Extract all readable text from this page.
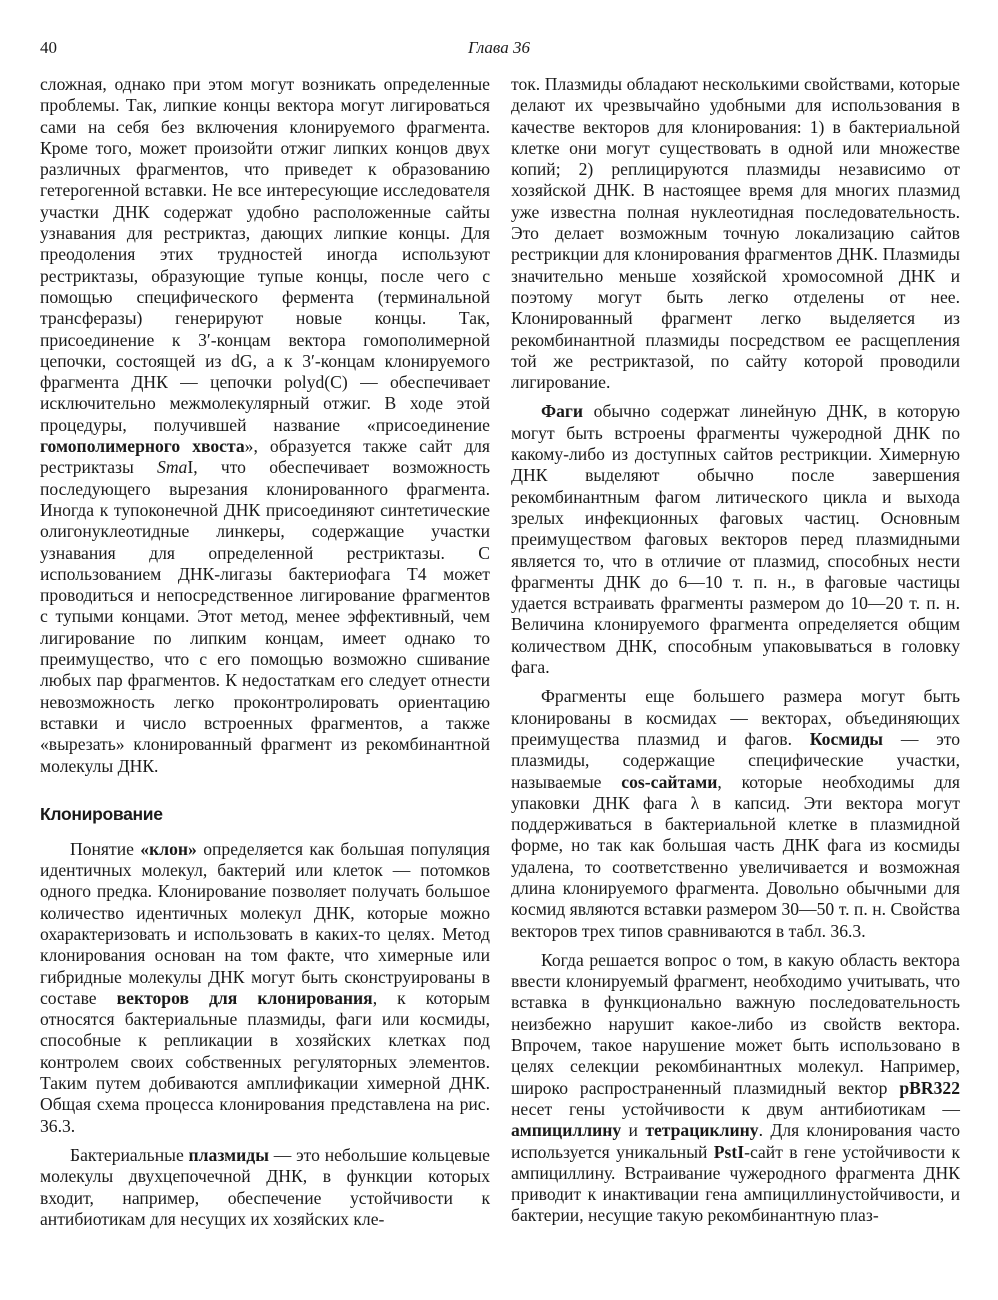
40	Глава 36

сложная, однако при этом могут возникать определенные проблемы. Так, липкие концы вектора могут лигироваться сами на себя без включения клонируемого фрагмента. Кроме того, может произойти отжиг липких концов двух различных фрагментов, что приведет к образованию гетерогенной вставки. Не все интересующие исследователя участки ДНК содержат удобно расположенные сайты узнавания для рестриктаз, дающих липкие концы. Для преодоления этих трудностей иногда используют рестриктазы, образующие тупые концы, после чего с помощью специфического фермента (терминальной трансферазы) генерируют новые концы. Так, присоединение к 3′-концам вектора гомополимерной цепочки, состоящей из dG, а к 3′-концам клонируемого фрагмента ДНК — цепочки polyd(C) — обеспечивает исключительно межмолекулярный отжиг. В ходе этой процедуры, получившей название «присоединение гомополимерного хвоста», образуется также сайт для рестриктазы SmaI, что обеспечивает возможность последующего вырезания клонированного фрагмента. Иногда к тупоконечной ДНК присоединяют синтетические олигонуклеотидные линкеры, содержащие участки узнавания для определенной рестриктазы. С использованием ДНК-лигазы бактериофага Т4 может проводиться и непосредственное лигирование фрагментов с тупыми концами. Этот метод, менее эффективный, чем лигирование по липким концам, имеет однако то преимущество, что с его помощью возможно сшивание любых пар фрагментов. К недостаткам его следует отнести невозможность легко проконтролировать ориентацию вставки и число встроенных фрагментов, а также «вырезать» клонированный фрагмент из рекомбинантной молекулы ДНК.

Клонирование

Понятие «клон» определяется как большая популяция идентичных молекул, бактерий или клеток — потомков одного предка. Клонирование позволяет получать большое количество идентичных молекул ДНК, которые можно охарактеризовать и использовать в каких-то целях. Метод клонирования основан на том факте, что химерные или гибридные молекулы ДНК могут быть сконструированы в составе векторов для клонирования, к которым относятся бактериальные плазмиды, фаги или космиды, способные к репликации в хозяйских клетках под контролем своих собственных регуляторных элементов. Таким путем добиваются амплификации химерной ДНК. Общая схема процесса клонирования представлена на рис. 36.3.

Бактериальные плазмиды — это небольшие кольцевые молекулы двухцепочечной ДНК, в функции которых входит, например, обеспечение устойчивости к антибиотикам для несущих их хозяйских кле-

ток. Плазмиды обладают несколькими свойствами, которые делают их чрезвычайно удобными для использования в качестве векторов для клонирования: 1) в бактериальной клетке они могут существовать в одной или множестве копий; 2) реплицируются плазмиды независимо от хозяйской ДНК. В настоящее время для многих плазмид уже известна полная нуклеотидная последовательность. Это делает возможным точную локализацию сайтов рестрикции для клонирования фрагментов ДНК. Плазмиды значительно меньше хозяйской хромосомной ДНК и поэтому могут быть легко отделены от нее. Клонированный фрагмент легко выделяется из рекомбинантной плазмиды посредством ее расщепления той же рестриктазой, по сайту которой проводили лигирование.

Фаги обычно содержат линейную ДНК, в которую могут быть встроены фрагменты чужеродной ДНК по какому-либо из доступных сайтов рестрикции. Химерную ДНК выделяют обычно после завершения рекомбинантным фагом литического цикла и выхода зрелых инфекционных фаговых частиц. Основным преимуществом фаговых векторов перед плазмидными является то, что в отличие от плазмид, способных нести фрагменты ДНК до 6—10 т. п. н., в фаговые частицы удается встраивать фрагменты размером до 10—20 т. п. н. Величина клонируемого фрагмента определяется общим количеством ДНК, способным упаковываться в головку фага.

Фрагменты еще большего размера могут быть клонированы в космидах — векторах, объединяющих преимущества плазмид и фагов. Космиды — это плазмиды, содержащие специфические участки, называемые cos-сайтами, которые необходимы для упаковки ДНК фага λ в капсид. Эти вектора могут поддерживаться в бактериальной клетке в плазмидной форме, но так как большая часть ДНК фага из космиды удалена, то соответственно увеличивается и возможная длина клонируемого фрагмента. Довольно обычными для космид являются вставки размером 30—50 т. п. н. Свойства векторов трех типов сравниваются в табл. 36.3.

Когда решается вопрос о том, в какую область вектора ввести клонируемый фрагмент, необходимо учитывать, что вставка в функционально важную последовательность неизбежно нарушит какое-либо из свойств вектора. Впрочем, такое нарушение может быть использовано в целях селекции рекомбинантных молекул. Например, широко распространенный плазмидный вектор pBR322 несет гены устойчивости к двум антибиотикам — ампициллину и тетрациклину. Для клонирования часто используется уникальный PstI-сайт в гене устойчивости к ампициллину. Встраивание чужеродного фрагмента ДНК приводит к инактивации гена ампициллинустойчивости, и бактерии, несущие такую рекомбинантную плаз-
